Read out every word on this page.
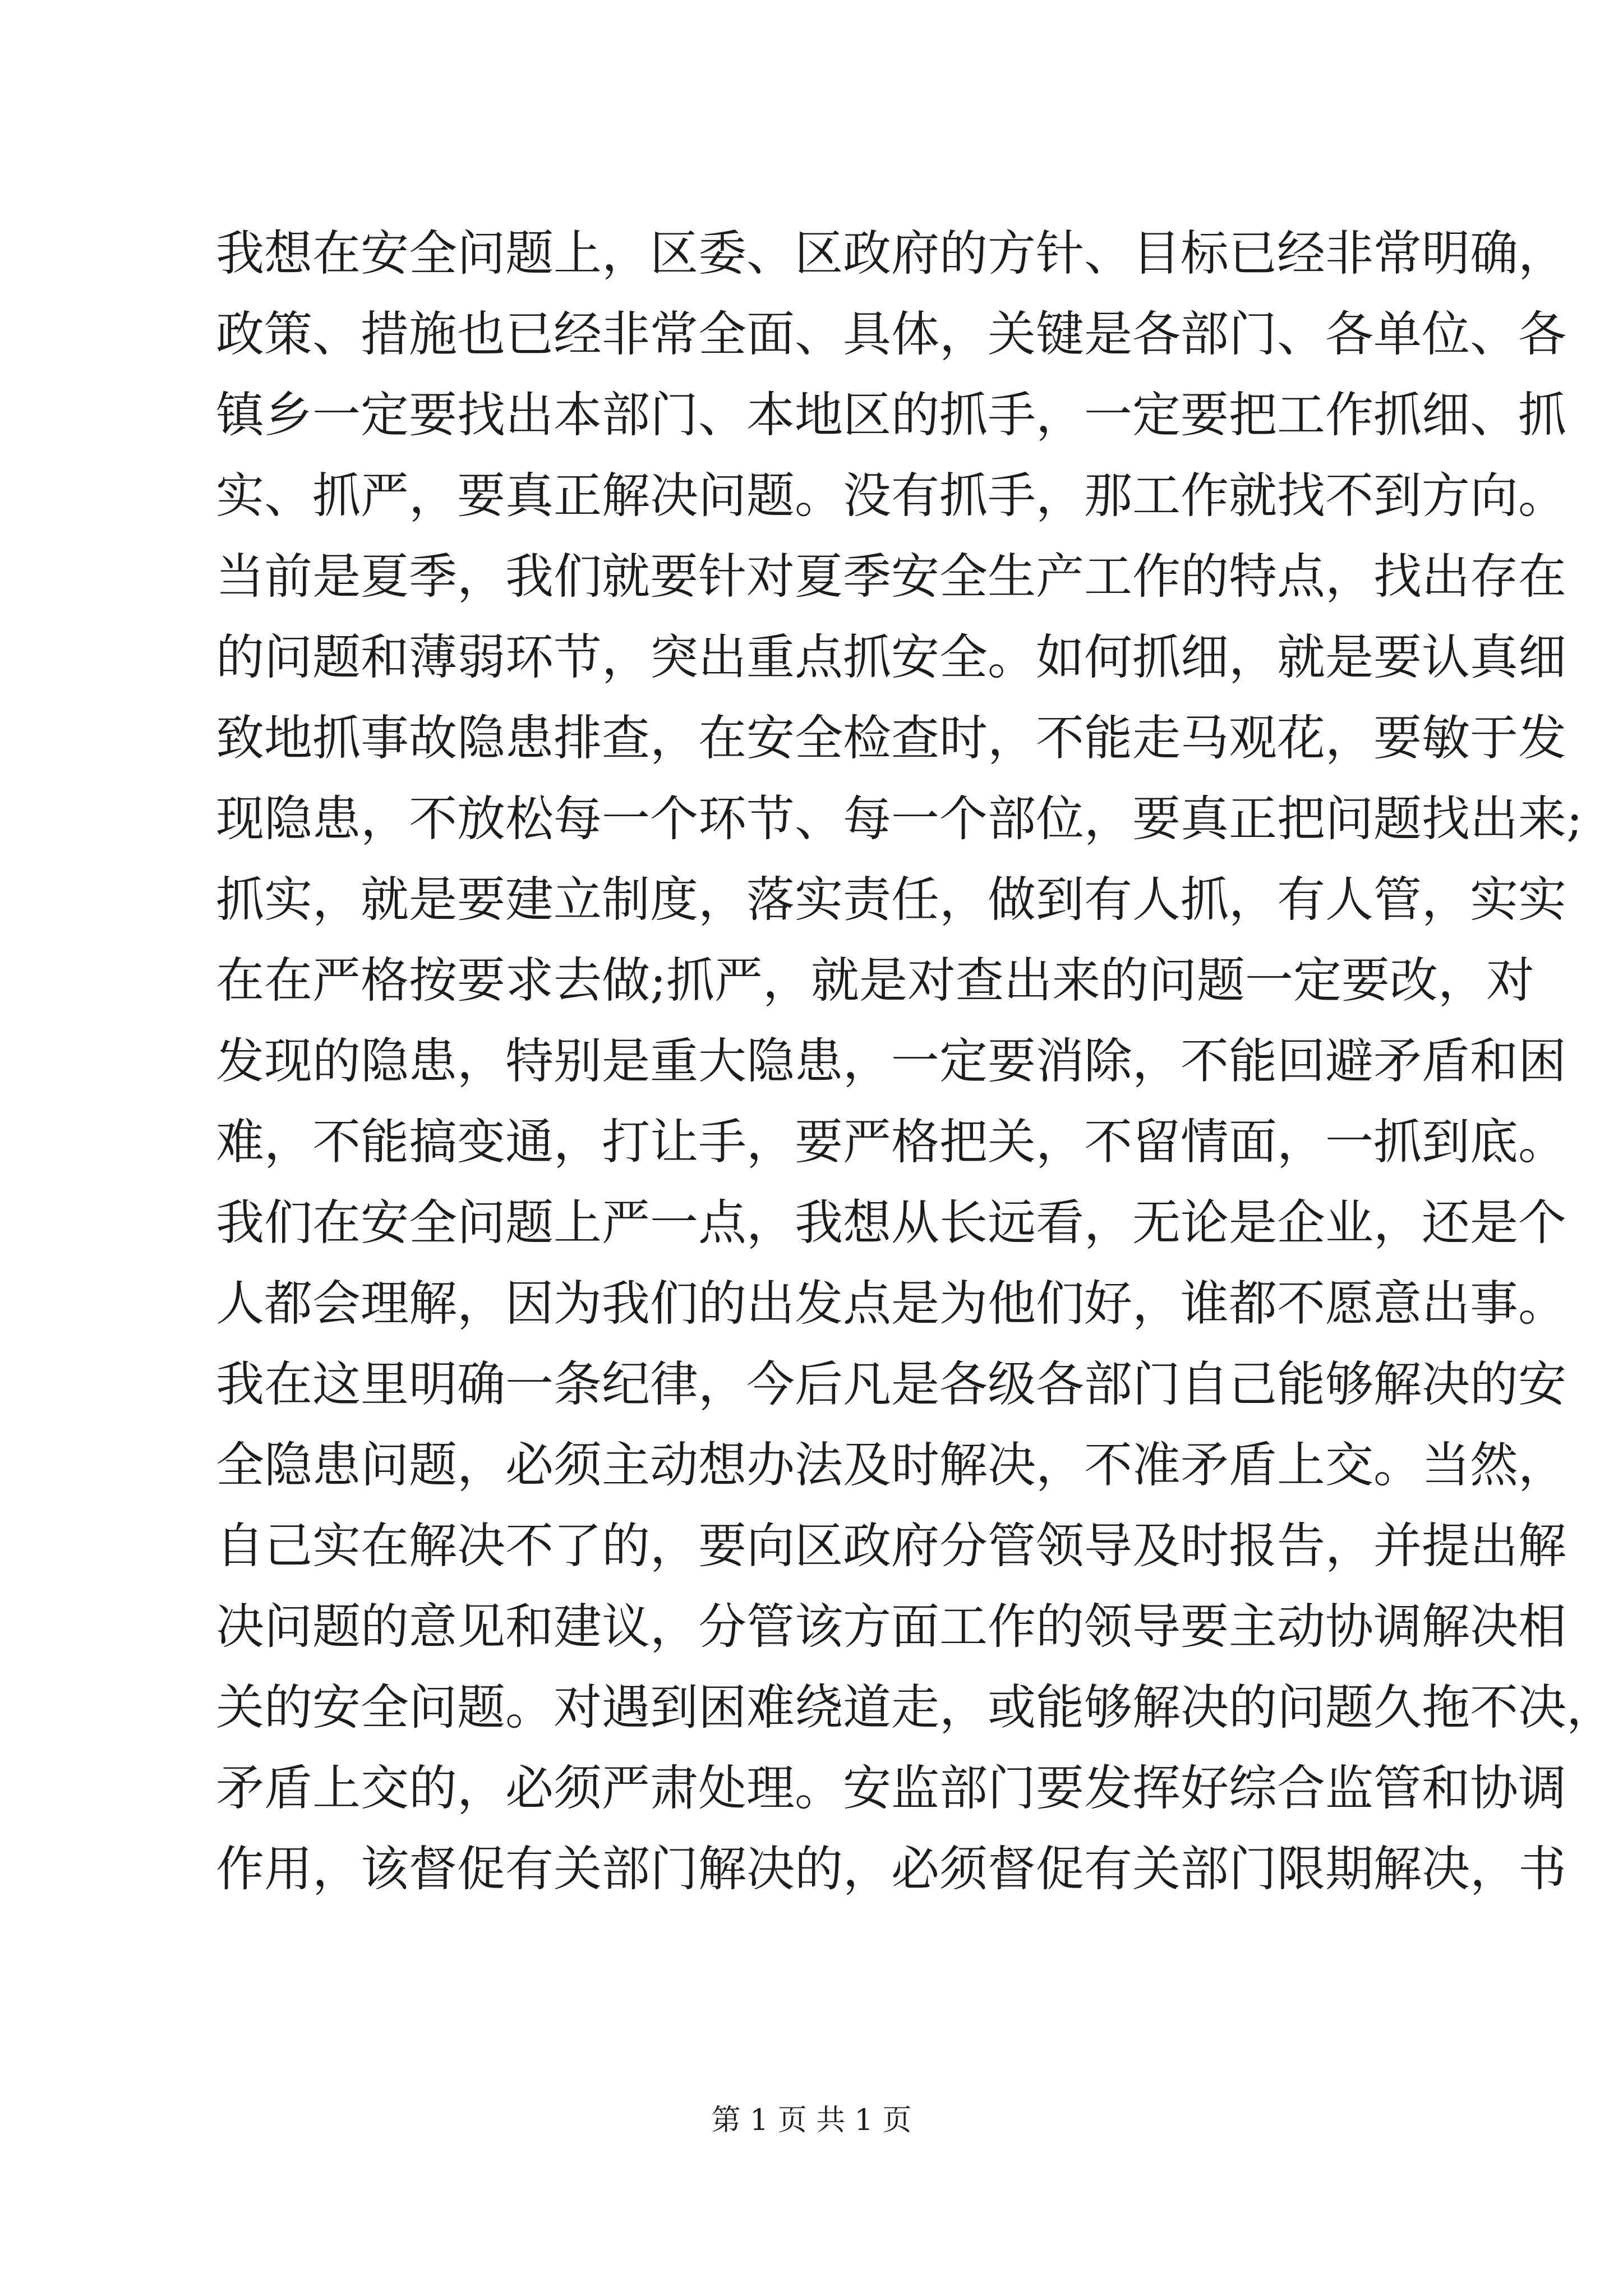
我想在安全问题上，区委、区政府的方针、目标已经非常明确，
政策、措施也已经非常全面、具体，关键是各部门、各单位、各
镇乡一定要找出本部门、本地区的抓手，一定要把工作抓细、抓
实、抓严，要真正解决问题。没有抓手，那工作就找不到方向。
当前是夏季，我们就要针对夏季安全生产工作的特点，找出存在
的问题和薄弱环节，突出重点抓安全。如何抓细，就是要认真细
致地抓事故隐患排查，在安全检查时，不能走马观花，要敏于发
现隐患，不放松每一个环节、每一个部位，要真正把问题找出来;
抓实，就是要建立制度，落实责任，做到有人抓，有人管，实实
在在严格按要求去做;抓严，就是对查出来的问题一定要改，对
发现的隐患，特别是重大隐患，一定要消除，不能回避矛盾和困
难，不能搞变通，打让手，要严格把关，不留情面，一抓到底。
我们在安全问题上严一点，我想从长远看，无论是企业，还是个
人都会理解，因为我们的出发点是为他们好，谁都不愿意出事。
我在这里明确一条纪律，今后凡是各级各部门自己能够解决的安
全隐患问题，必须主动想办法及时解决，不准矛盾上交。当然，
自己实在解决不了的，要向区政府分管领导及时报告，并提出解
决问题的意见和建议，分管该方面工作的领导要主动协调解决相
关的安全问题。对遇到困难绕道走，或能够解决的问题久拖不决，
矛盾上交的，必须严肃处理。安监部门要发挥好综合监管和协调
作用，该督促有关部门解决的，必须督促有关部门限期解决，书
第 1 页 共 1 页
